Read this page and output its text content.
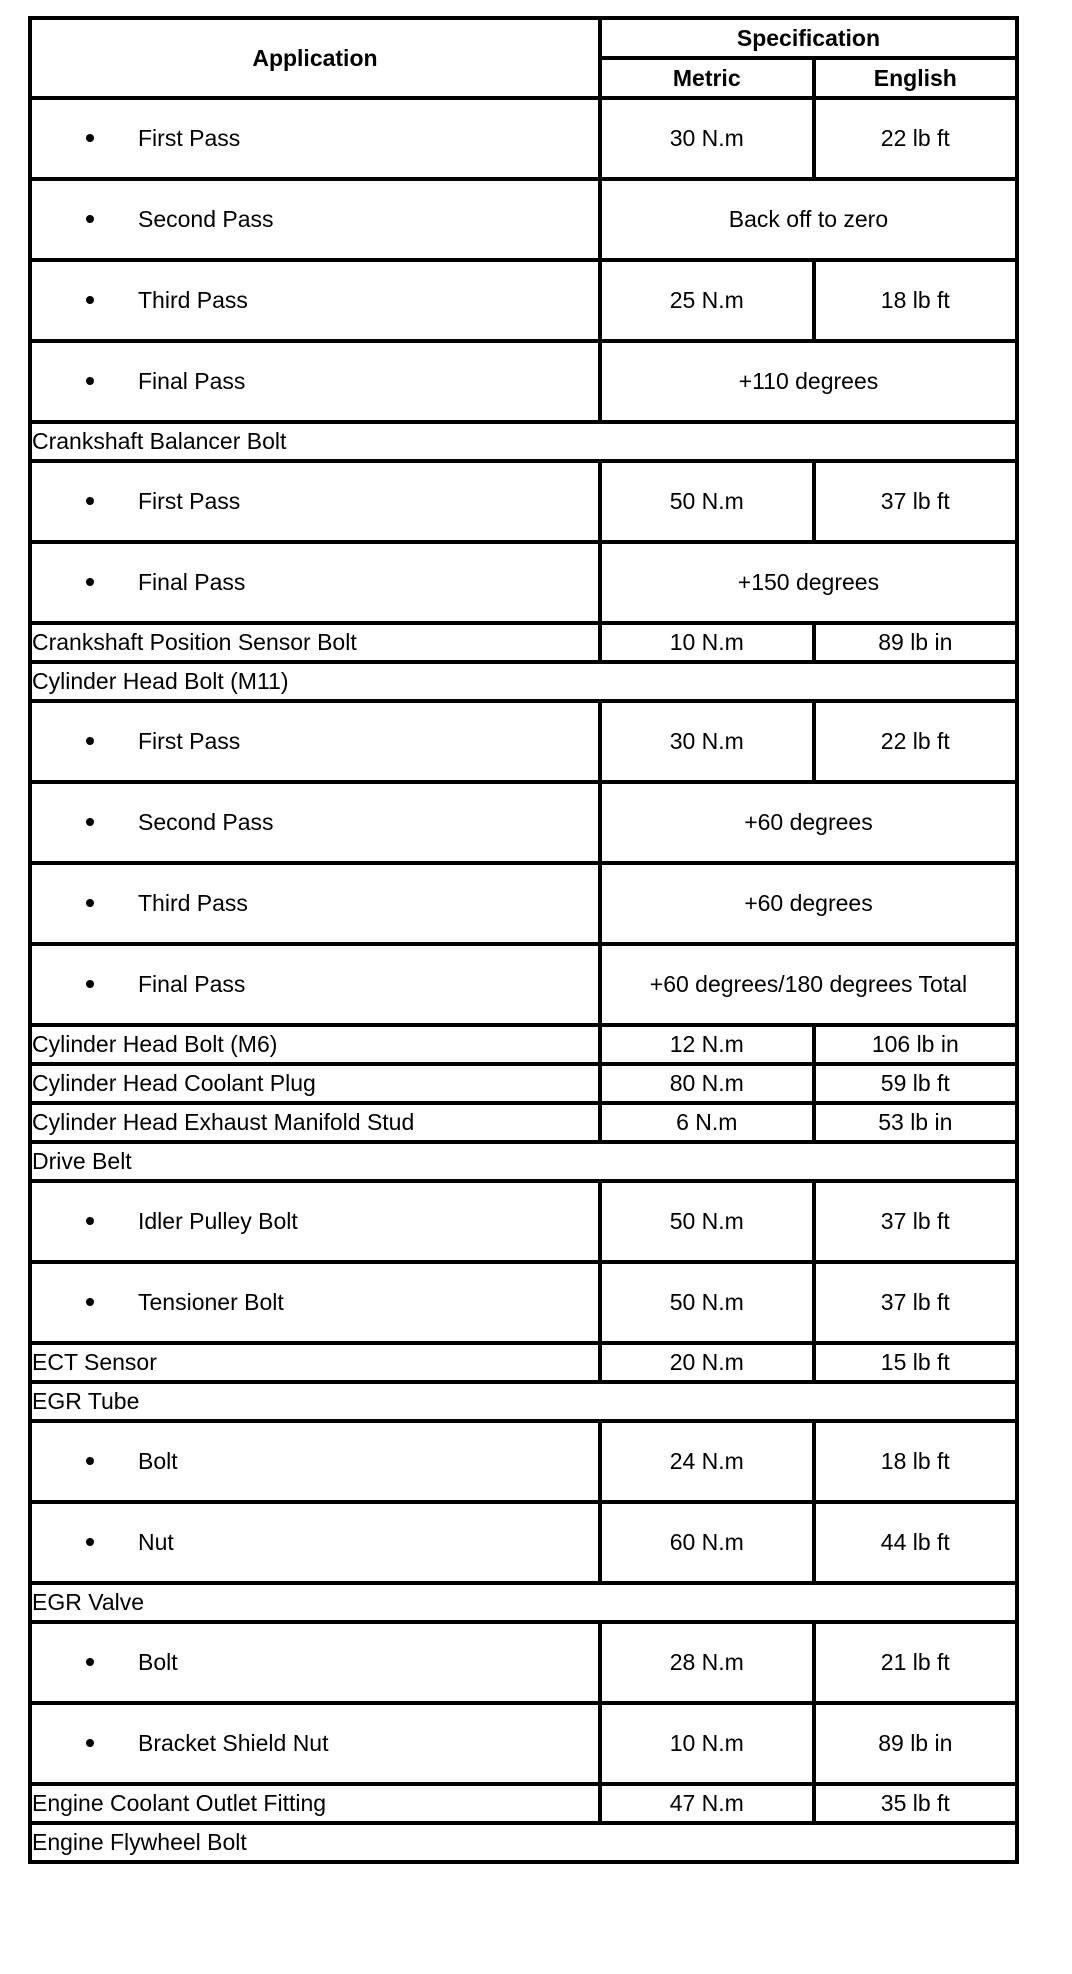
Application	Specification	
	Metric	English
First Pass	30 N.m	22 lb ft
Second Pass	Back off to zero	
Third Pass	25 N.m	18 lb ft
Final Pass	+110 degrees	
Crankshaft Balancer Bolt		
First Pass	50 N.m	37 lb ft
Final Pass	+150 degrees	
Crankshaft Position Sensor Bolt	10 N.m	89 lb in
Cylinder Head Bolt (M11)		
First Pass	30 N.m	22 lb ft
Second Pass	+60 degrees	
Third Pass	+60 degrees	
Final Pass	+60 degrees/180 degrees Total	
Cylinder Head Bolt (M6)	12 N.m	106 lb in
Cylinder Head Coolant Plug	80 N.m	59 lb ft
Cylinder Head Exhaust Manifold Stud	6 N.m	53 lb in
Drive Belt		
Idler Pulley Bolt	50 N.m	37 lb ft
Tensioner Bolt	50 N.m	37 lb ft
ECT Sensor	20 N.m	15 lb ft
EGR Tube		
Bolt	24 N.m	18 lb ft
Nut	60 N.m	44 lb ft
EGR Valve		
Bolt	28 N.m	21 lb ft
Bracket Shield Nut	10 N.m	89 lb in
Engine Coolant Outlet Fitting	47 N.m	35 lb ft
Engine Flywheel Bolt		
